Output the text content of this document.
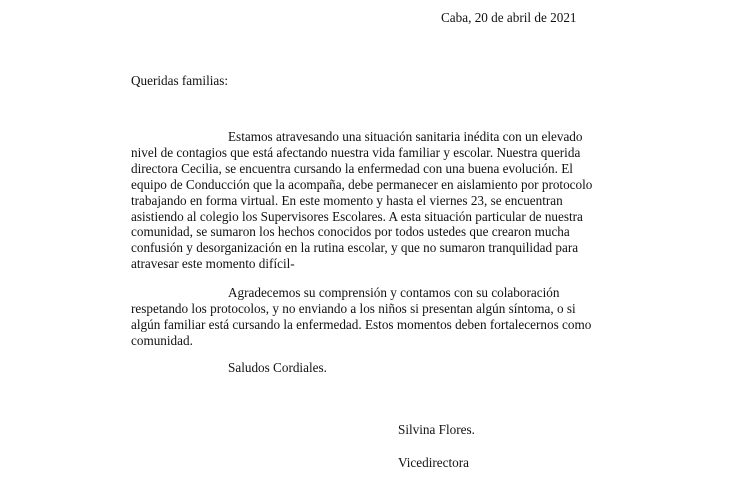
Caba, 20 de abril de 2021
Queridas familias:
Estamos atravesando una situación sanitaria inédita con un elevado
nivel de contagios que está afectando nuestra vida familiar y escolar. Nuestra querida
directora Cecilia, se encuentra cursando la enfermedad con una buena evolución. El
equipo de Conducción que la acompaña, debe permanecer en aislamiento por protocolo
trabajando en forma virtual. En este momento y hasta el viernes 23, se encuentran
asistiendo al colegio los Supervisores Escolares. A esta situación particular de nuestra
comunidad, se sumaron los hechos conocidos por todos ustedes que crearon mucha
confusión y desorganización en la rutina escolar, y que no sumaron tranquilidad para
atravesar este momento difícil-
Agradecemos su comprensión y contamos con su colaboración
respetando los protocolos, y no enviando a los niños si presentan algún síntoma, o si
algún familiar está cursando la enfermedad. Estos momentos deben fortalecernos como
comunidad.
Saludos Cordiales.
Silvina Flores.
Vicedirectora
